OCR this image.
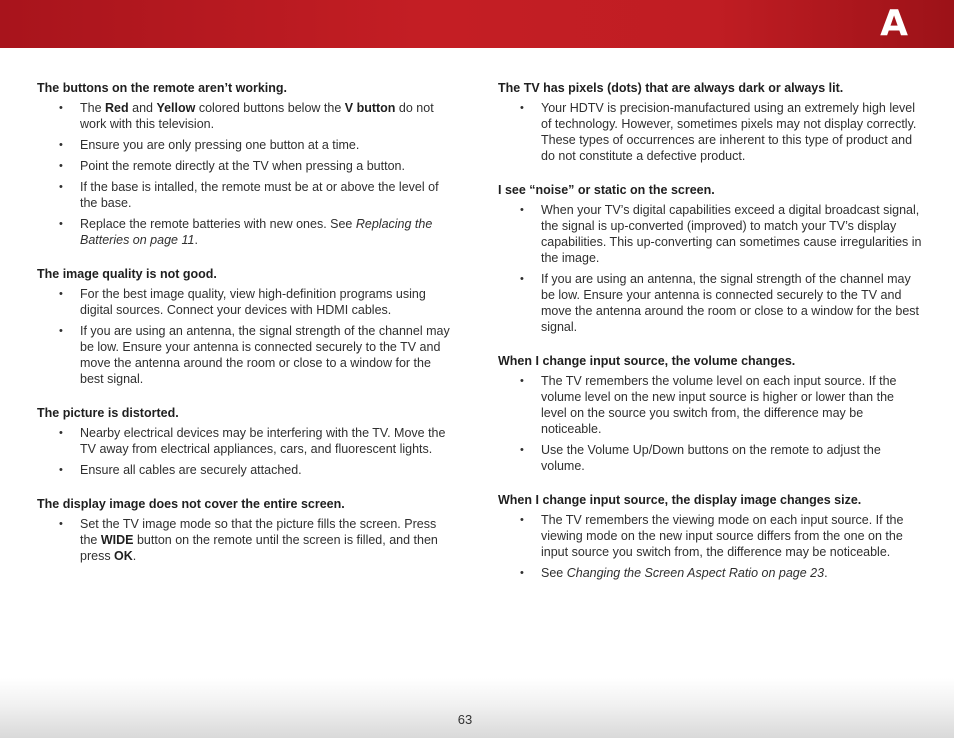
A
The buttons on the remote aren’t working.
• The Red and Yellow colored buttons below the V button do not work with this television.
• Ensure you are only pressing one button at a time.
• Point the remote directly at the TV when pressing a button.
• If the base is intalled, the remote must be at or above the level of the base.
• Replace the remote batteries with new ones. See Replacing the Batteries on page 11.
The image quality is not good.
• For the best image quality, view high-definition programs using digital sources. Connect your devices with HDMI cables.
• If you are using an antenna, the signal strength of the channel may be low. Ensure your antenna is connected securely to the TV and move the antenna around the room or close to a window for the best signal.
The picture is distorted.
• Nearby electrical devices may be interfering with the TV. Move the TV away from electrical appliances, cars, and fluorescent lights.
• Ensure all cables are securely attached.
The display image does not cover the entire screen.
• Set the TV image mode so that the picture fills the screen. Press the WIDE button on the remote until the screen is filled, and then press OK.
The TV has pixels (dots) that are always dark or always lit.
• Your HDTV is precision-manufactured using an extremely high level of technology. However, sometimes pixels may not display correctly. These types of occurrences are inherent to this type of product and do not constitute a defective product.
I see “noise” or static on the screen.
• When your TV’s digital capabilities exceed a digital broadcast signal, the signal is up-converted (improved) to match your TV’s display capabilities. This up-converting can sometimes cause irregularities in the image.
• If you are using an antenna, the signal strength of the channel may be low. Ensure your antenna is connected securely to the TV and move the antenna around the room or close to a window for the best signal.
When I change input source, the volume changes.
• The TV remembers the volume level on each input source. If the volume level on the new input source is higher or lower than the level on the source you switch from, the difference may be noticeable.
• Use the Volume Up/Down buttons on the remote to adjust the volume.
When I change input source, the display image changes size.
• The TV remembers the viewing mode on each input source. If the viewing mode on the new input source differs from the one on the input source you switch from, the difference may be noticeable.
• See Changing the Screen Aspect Ratio on page 23.
63
